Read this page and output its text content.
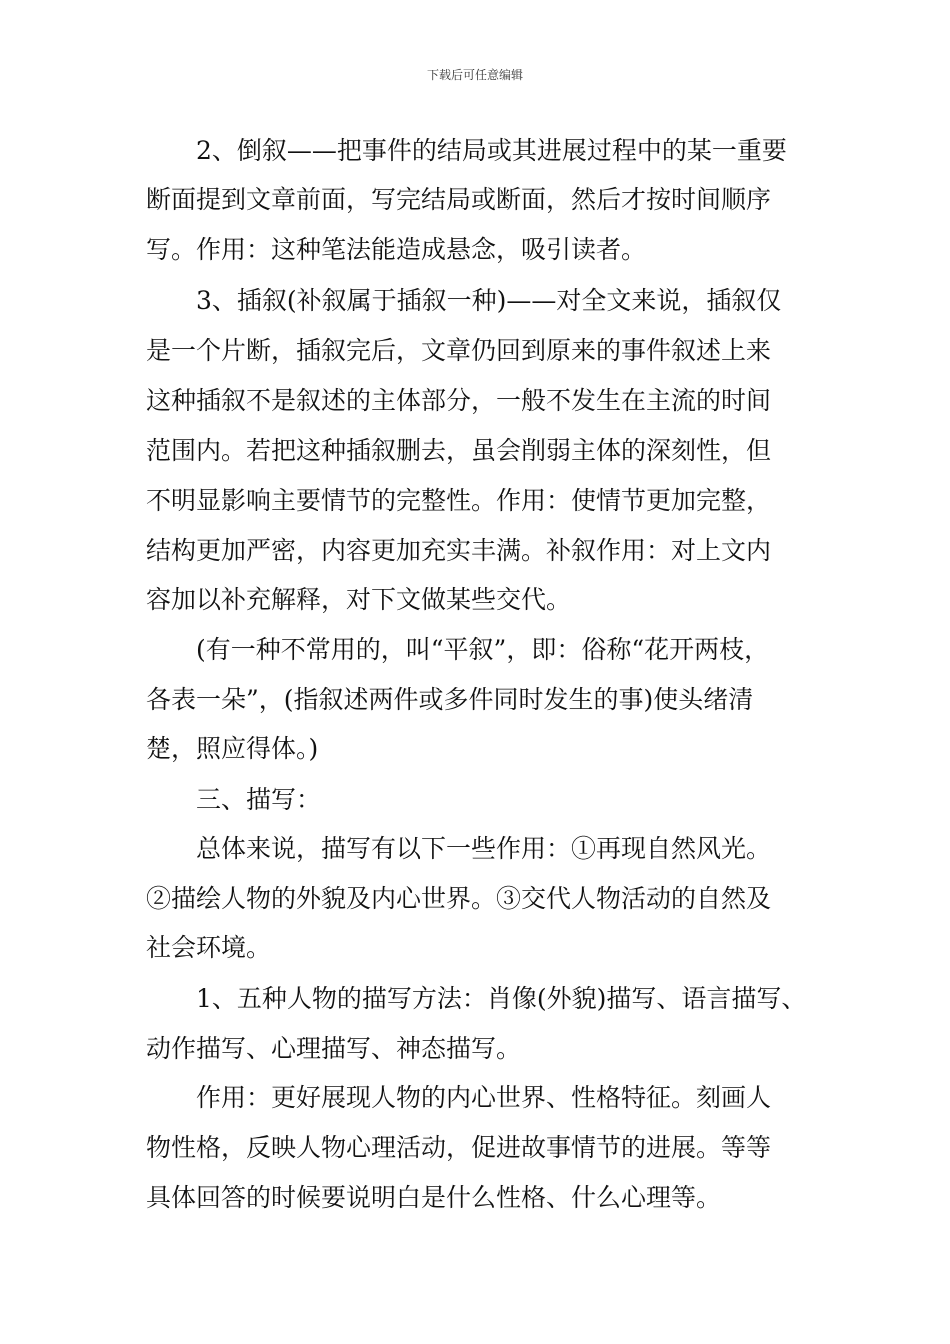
下载后可任意编辑
2、倒叙——把事件的结局或其进展过程中的某一重要
断面提到文章前面，写完结局或断面，然后才按时间顺序
写。作用：这种笔法能造成悬念，吸引读者。
3、插叙(补叙属于插叙一种)——对全文来说，插叙仅
是一个片断，插叙完后，文章仍回到原来的事件叙述上来
这种插叙不是叙述的主体部分，一般不发生在主流的时间
范围内。若把这种插叙删去，虽会削弱主体的深刻性，但
不明显影响主要情节的完整性。作用：使情节更加完整，
结构更加严密，内容更加充实丰满。补叙作用：对上文内
容加以补充解释，对下文做某些交代。
(有一种不常用的，叫“平叙”，即：俗称“花开两枝，
各表一朵”，(指叙述两件或多件同时发生的事)使头绪清
楚，照应得体。)
三、描写：
总体来说，描写有以下一些作用：①再现自然风光。
②描绘人物的外貌及内心世界。③交代人物活动的自然及
社会环境。
1、五种人物的描写方法：肖像(外貌)描写、语言描写、
动作描写、心理描写、神态描写。
作用：更好展现人物的内心世界、性格特征。刻画人
物性格，反映人物心理活动，促进故事情节的进展。等等
具体回答的时候要说明白是什么性格、什么心理等。
